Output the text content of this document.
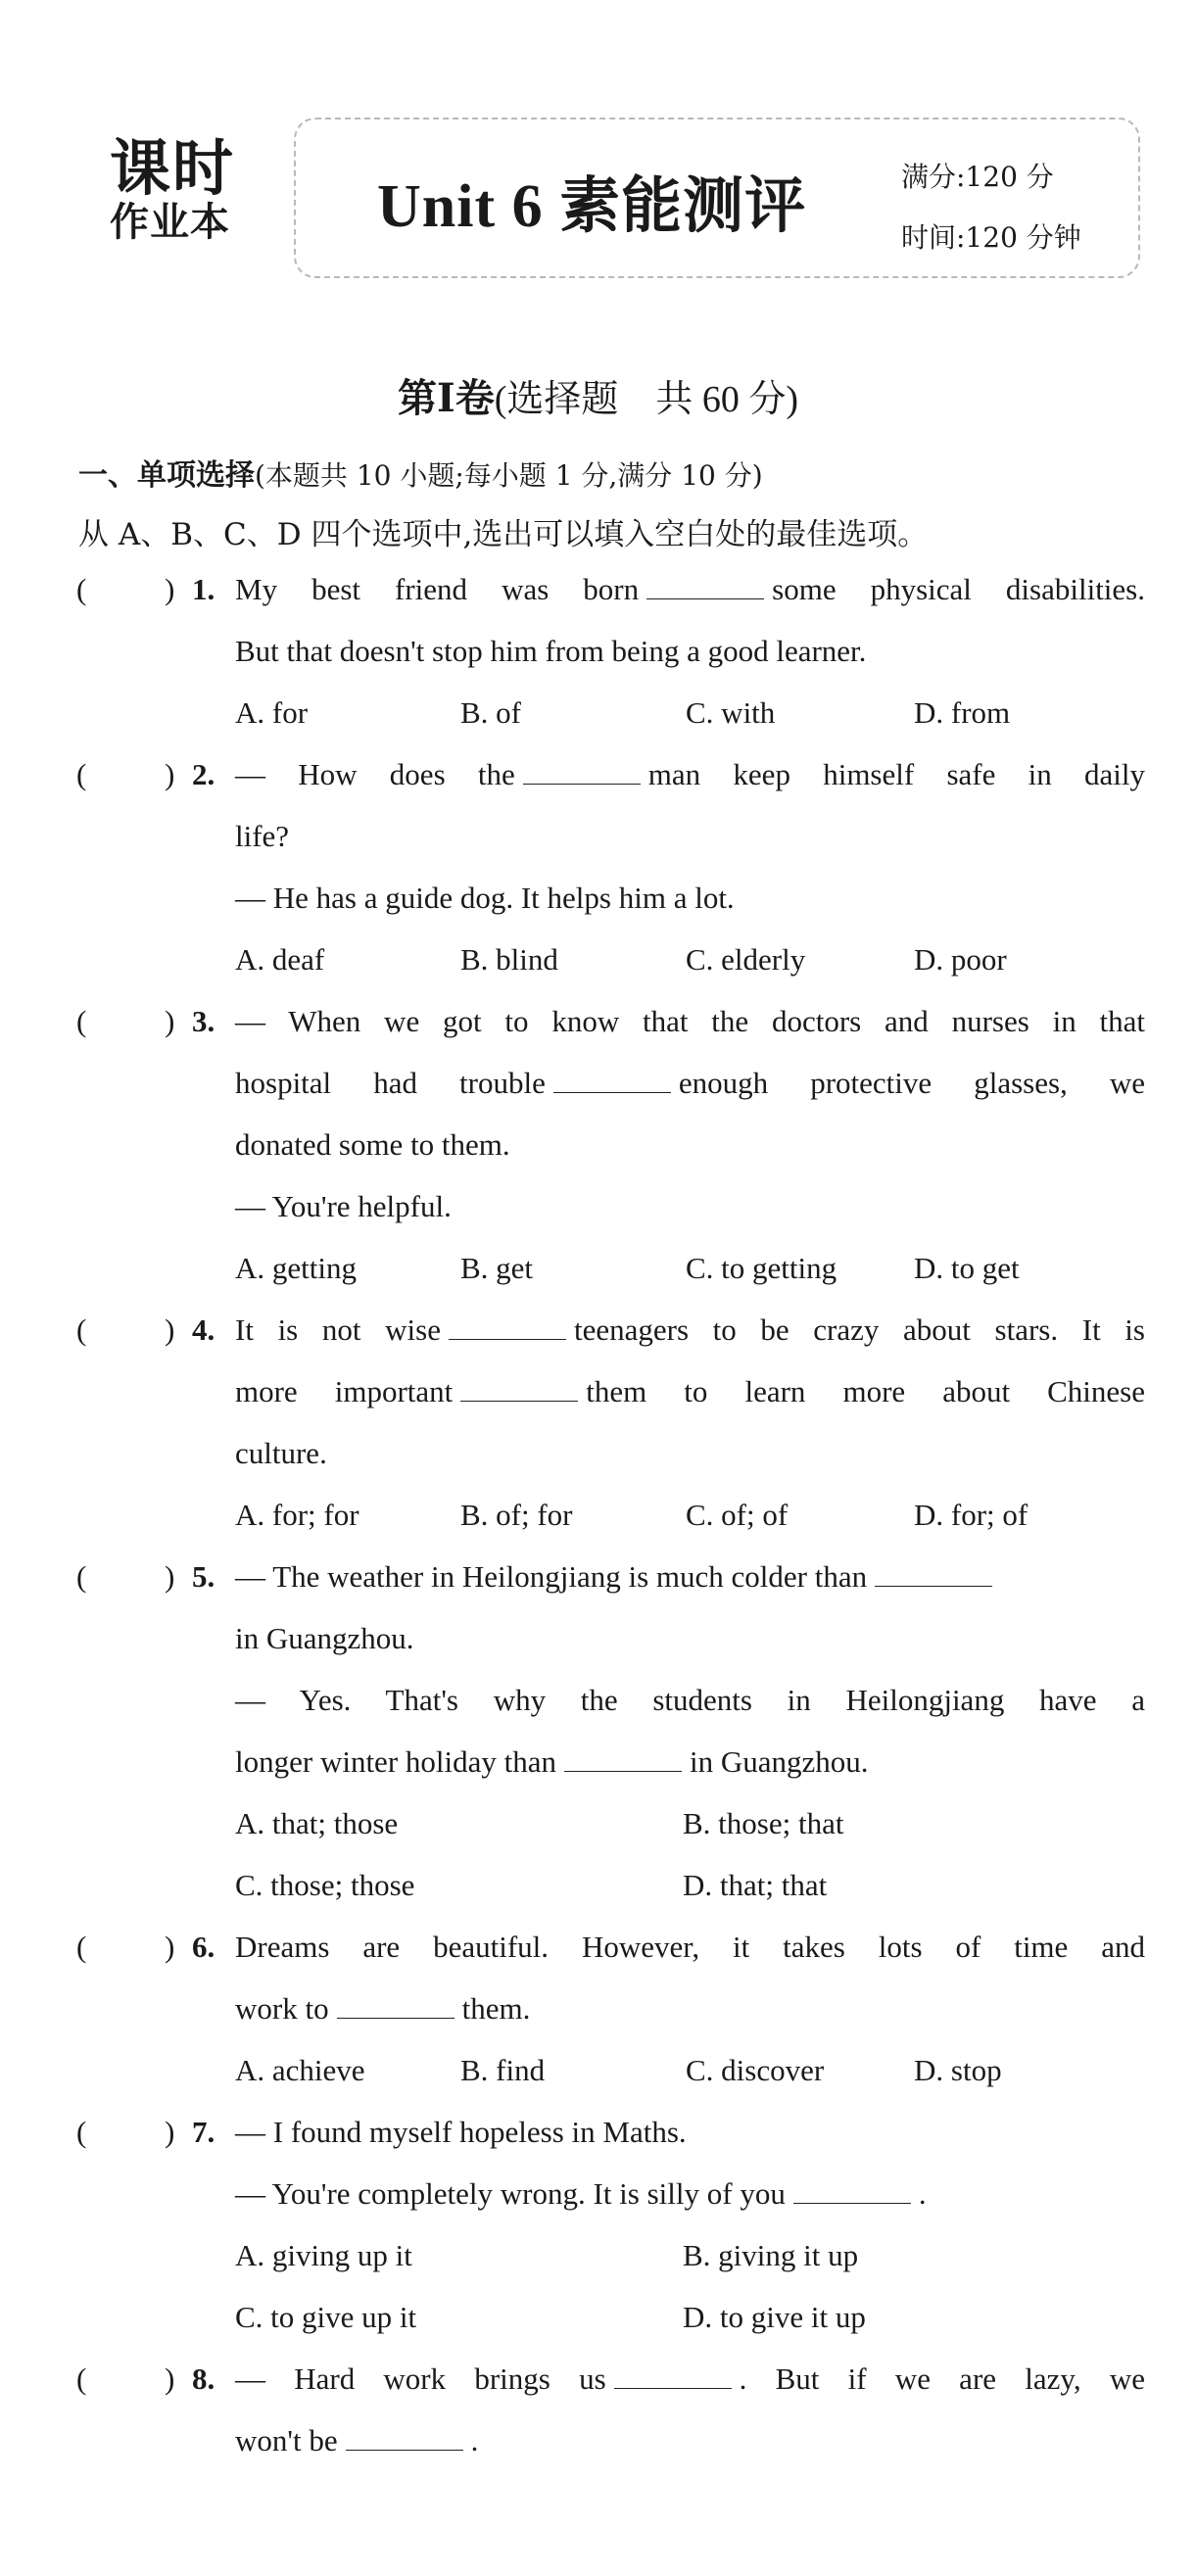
课时
作业本	Unit 6 素能测评	满分:120 分
时间:120 分钟
第Ⅰ卷(选择题　共 60 分)
一、单项选择(本题共 10 小题;每小题 1 分,满分 10 分)
从 A、B、C、D 四个选项中,选出可以填入空白处的最佳选项。
(	) 1. My best friend was born	some physical disabilities.
But that doesn't stop him from being a good learner.
A. for	B. of	C. with	D. from
(	) 2. — How does the	man keep himself safe in daily
life?
— He has a guide dog. It helps him a lot.
A. deaf	B. blind	C. elderly	D. poor
(	) 3. — When we got to know that the doctors and nurses in that
hospital had trouble	enough protective glasses, we
donated some to them.
— You're helpful.
A. getting	B. get	C. to getting	D. to get
(	) 4. It is not wise	teenagers to be crazy about stars. It is
more important	them to learn more about Chinese
culture.
A. for; for	B. of; for	C. of; of	D. for; of
(	) 5. — The weather in Heilongjiang is much colder than
in Guangzhou.
— Yes. That's why the students in Heilongjiang have a
longer winter holiday than	in Guangzhou.
A. that; those	B. those; that
C. those; those	D. that; that
(	) 6. Dreams are beautiful. However, it takes lots of time and
work to	them.
A. achieve	B. find	C. discover	D. stop
(	) 7. — I found myself hopeless in Maths.
— You're completely wrong. It is silly of you	.
A. giving up it	B. giving it up
C. to give up it	D. to give it up
(	) 8. — Hard work brings us	. But if we are lazy, we
won't be	.
